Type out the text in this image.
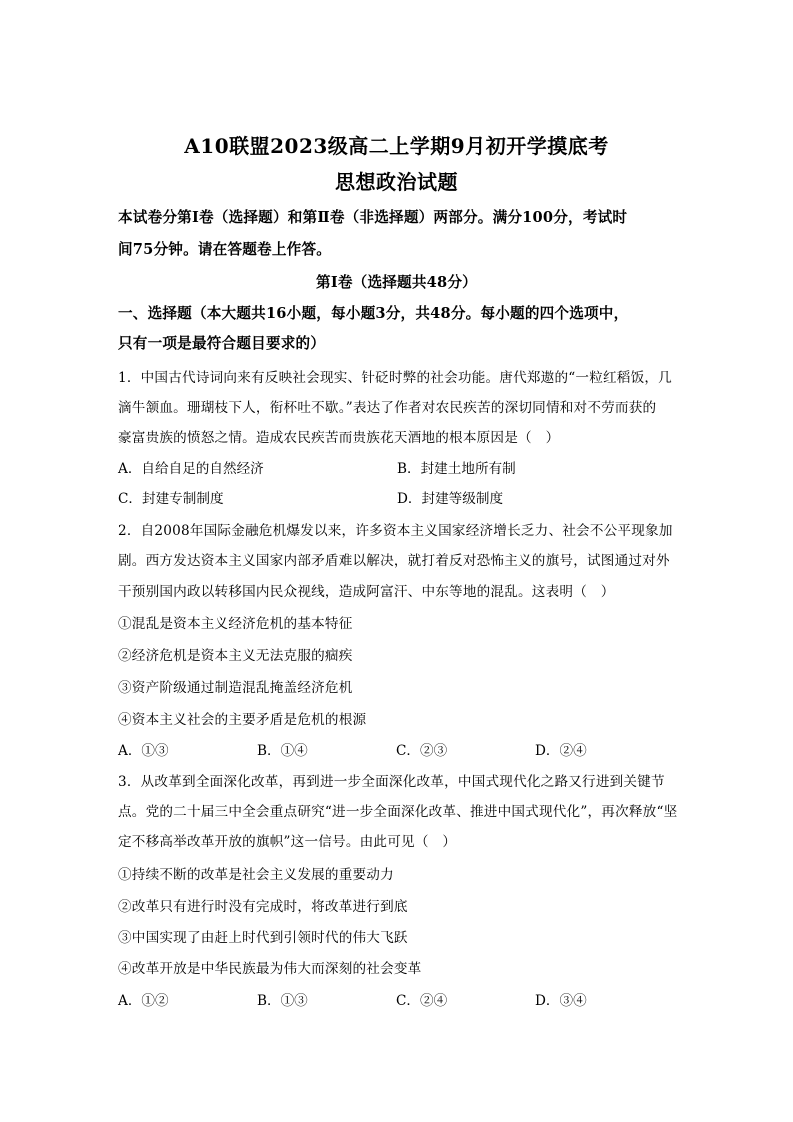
A10联盟2023级高二上学期9月初开学摸底考
思想政治试题
本试卷分第Ⅰ卷（选择题）和第Ⅱ卷（非选择题）两部分。满分100分，考试时
间75分钟。请在答题卷上作答。
第Ⅰ卷（选择题共48分）
一、选择题（本大题共16小题，每小题3分，共48分。每小题的四个选项中，
只有一项是最符合题目要求的）
1．中国古代诗词向来有反映社会现实、针砭时弊的社会功能。唐代郑遨的“一粒红稻饭，几
滴牛颔血。珊瑚枝下人，衔杯吐不歇。”表达了作者对农民疾苦的深切同情和对不劳而获的
豪富贵族的愤怒之情。造成农民疾苦而贵族花天酒地的根本原因是（　）
A．自给自足的自然经济	B．封建土地所有制
C．封建专制制度	D．封建等级制度
2．自2008年国际金融危机爆发以来，许多资本主义国家经济增长乏力、社会不公平现象加
剧。西方发达资本主义国家内部矛盾难以解决，就打着反对恐怖主义的旗号，试图通过对外
干预别国内政以转移国内民众视线，造成阿富汗、中东等地的混乱。这表明（　）
①混乱是资本主义经济危机的基本特征
②经济危机是资本主义无法克服的痼疾
③资产阶级通过制造混乱掩盖经济危机
④资本主义社会的主要矛盾是危机的根源
A．①③	B．①④	C．②③	D．②④
3．从改革到全面深化改革，再到进一步全面深化改革，中国式现代化之路又行进到关键节
点。党的二十届三中全会重点研究“进一步全面深化改革、推进中国式现代化”，再次释放“坚
定不移高举改革开放的旗帜”这一信号。由此可见（　）
①持续不断的改革是社会主义发展的重要动力
②改革只有进行时没有完成时，将改革进行到底
③中国实现了由赶上时代到引领时代的伟大飞跃
④改革开放是中华民族最为伟大而深刻的社会变革
A．①②	B．①③	C．②④	D．③④
